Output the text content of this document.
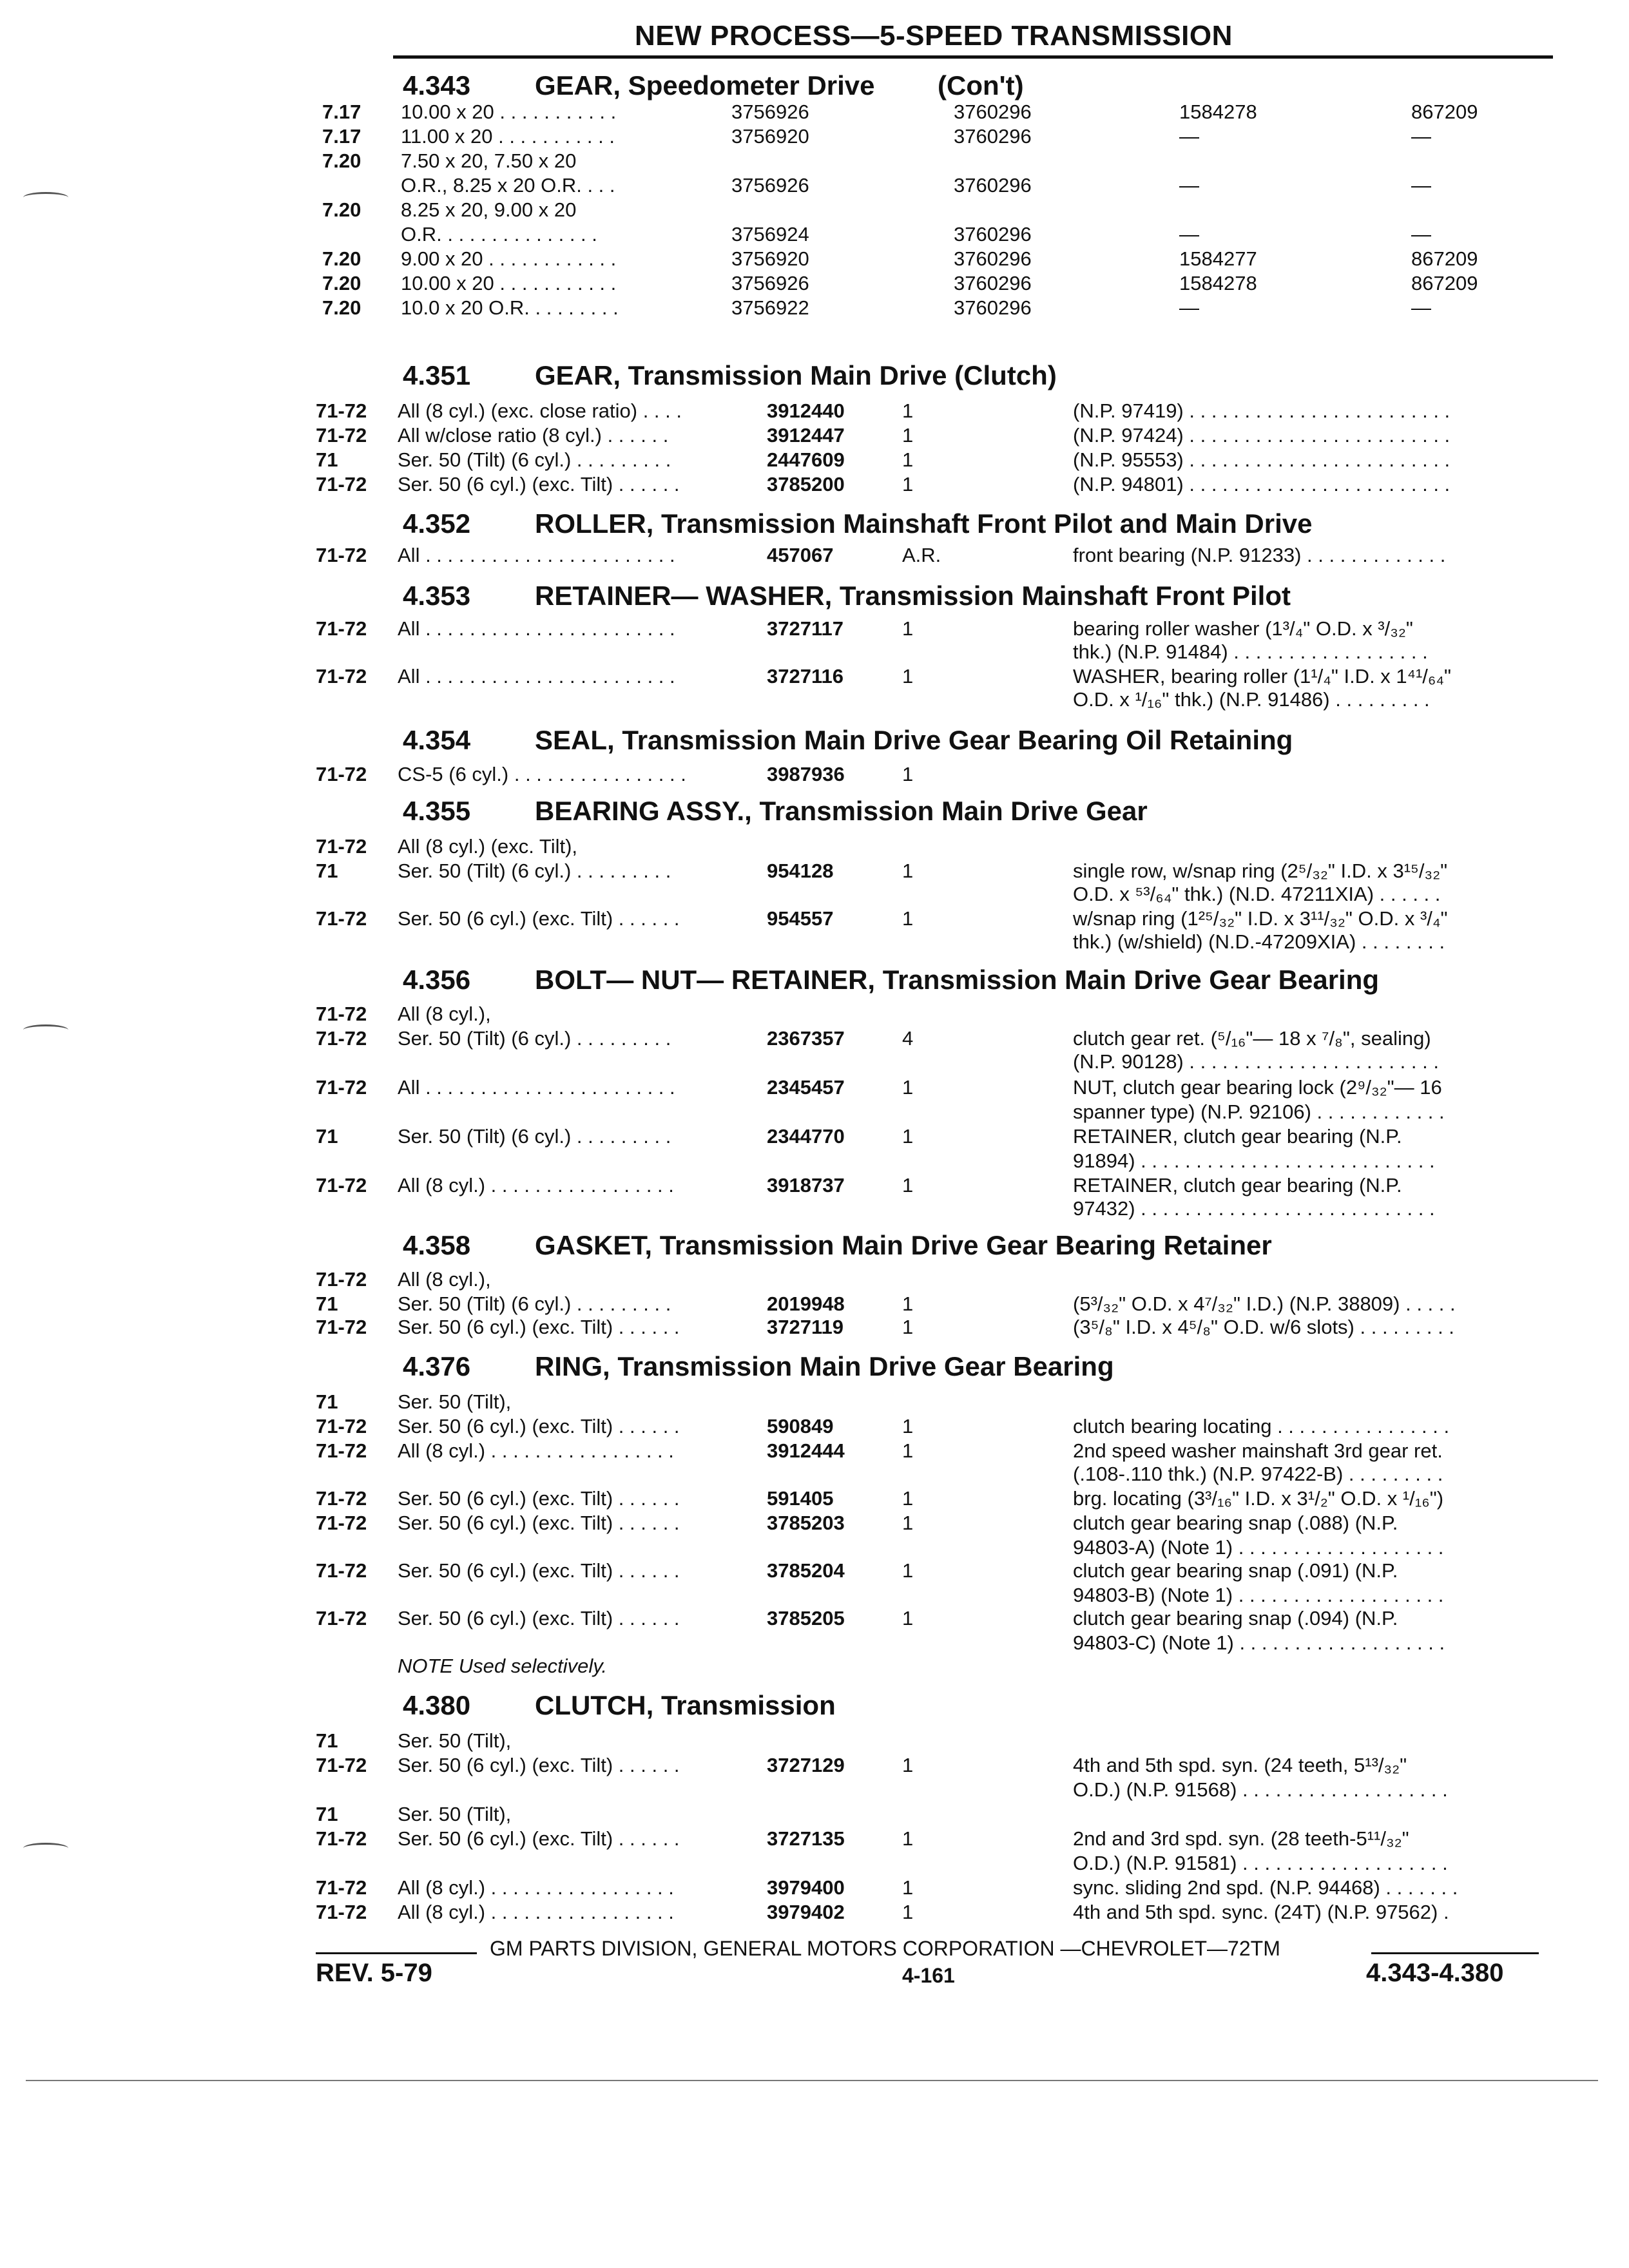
NEW PROCESS—5-SPEED TRANSMISSION
4.343 GEAR, Speedometer Drive (Con't)
7.17 10.00 x 20 . . . . . . . . . . .	3756926	3760296	1584278	867209
7.17 11.00 x 20 . . . . . . . . . . .	3756920	3760296	—	—
7.20 7.50 x 20, 7.50 x 20
O.R., 8.25 x 20 O.R. . . .	3756926	3760296	—	—
7.20 8.25 x 20, 9.00 x 20
O.R. . . . . . . . . . . . . . .	3756924	3760296	—	—
7.20 9.00 x 20 . . . . . . . . . . . .	3756920	3760296	1584277	867209
7.20 10.00 x 20 . . . . . . . . . . .	3756926	3760296	1584278	867209
7.20 10.0 x 20 O.R. . . . . . . . .	3756922	3760296	—	—
4.351 GEAR, Transmission Main Drive (Clutch)
71-72 All (8 cyl.) (exc. close ratio) . . . .	3912440	1	(N.P. 97419) . . . . . . . . . . . . . . . . . . . . . . . .
71-72 All w/close ratio (8 cyl.) . . . . . .	3912447	1	(N.P. 97424) . . . . . . . . . . . . . . . . . . . . . . . .
71	Ser. 50 (Tilt) (6 cyl.) . . . . . . . . .	2447609	1	(N.P. 95553) . . . . . . . . . . . . . . . . . . . . . . . .
71-72 Ser. 50 (6 cyl.) (exc. Tilt) . . . . . .	3785200	1	(N.P. 94801) . . . . . . . . . . . . . . . . . . . . . . . .
4.352 ROLLER, Transmission Mainshaft Front Pilot and Main Drive
71-72 All . . . . . . . . . . . . . . . . . . . . . . .	457067	A.R.	front bearing (N.P. 91233) . . . . . . . . . . . . .
4.353 RETAINER— WASHER, Transmission Mainshaft Front Pilot
71-72 All . . . . . . . . . . . . . . . . . . . . . . .	3727117	1	bearing roller washer (1³/₄" O.D. x ³/₃₂"
thk.) (N.P. 91484) . . . . . . . . . . . . . . . . . .
71-72 All . . . . . . . . . . . . . . . . . . . . . . .	3727116	1	WASHER, bearing roller (1¹/₄" I.D. x 1⁴¹/₆₄"
O.D. x ¹/₁₆" thk.) (N.P. 91486) . . . . . . . . .
4.354 SEAL, Transmission Main Drive Gear Bearing Oil Retaining
71-72 CS-5 (6 cyl.) . . . . . . . . . . . . . . . .	3987936	1
4.355 BEARING ASSY., Transmission Main Drive Gear
71-72 All (8 cyl.) (exc. Tilt),
71	Ser. 50 (Tilt) (6 cyl.) . . . . . . . . .	954128	1	single row, w/snap ring (2⁵/₃₂" I.D. x 3¹⁵/₃₂"
O.D. x ⁵³/₆₄" thk.) (N.D. 47211XIA) . . . . . .
71-72 Ser. 50 (6 cyl.) (exc. Tilt) . . . . . .	954557	1	w/snap ring (1²⁵/₃₂" I.D. x 3¹¹/₃₂" O.D. x ³/₄"
thk.) (w/shield) (N.D.-47209XIA) . . . . . . . .
4.356 BOLT— NUT— RETAINER, Transmission Main Drive Gear Bearing
71-72 All (8 cyl.),
71-72 Ser. 50 (Tilt) (6 cyl.) . . . . . . . . .	2367357	4	clutch gear ret. (⁵/₁₆"— 18 x ⁷/₈", sealing)
(N.P. 90128) . . . . . . . . . . . . . . . . . . . . . . .
71-72 All . . . . . . . . . . . . . . . . . . . . . . .	2345457	1	NUT, clutch gear bearing lock (2⁹/₃₂"— 16
spanner type) (N.P. 92106) . . . . . . . . . . . .
71	Ser. 50 (Tilt) (6 cyl.) . . . . . . . . .	2344770	1	RETAINER, clutch gear bearing (N.P.
91894) . . . . . . . . . . . . . . . . . . . . . . . . . . .
71-72 All (8 cyl.) . . . . . . . . . . . . . . . . .	3918737	1	RETAINER, clutch gear bearing (N.P.
97432) . . . . . . . . . . . . . . . . . . . . . . . . . . .
4.358 GASKET, Transmission Main Drive Gear Bearing Retainer
71-72 All (8 cyl.),
71	Ser. 50 (Tilt) (6 cyl.) . . . . . . . . .	2019948	1	(5³/₃₂" O.D. x 4⁷/₃₂" I.D.) (N.P. 38809) . . . . .
71-72 Ser. 50 (6 cyl.) (exc. Tilt) . . . . . .	3727119	1	(3⁵/₈" I.D. x 4⁵/₈" O.D. w/6 slots) . . . . . . . . .
4.376 RING, Transmission Main Drive Gear Bearing
71	Ser. 50 (Tilt),
71-72 Ser. 50 (6 cyl.) (exc. Tilt) . . . . . .	590849	1	clutch bearing locating . . . . . . . . . . . . . . . .
71-72 All (8 cyl.) . . . . . . . . . . . . . . . . .	3912444	1	2nd speed washer mainshaft 3rd gear ret.
(.108-.110 thk.) (N.P. 97422-B) . . . . . . . . .
71-72 Ser. 50 (6 cyl.) (exc. Tilt) . . . . . .	591405	1	brg. locating (3³/₁₆" I.D. x 3¹/₂" O.D. x ¹/₁₆")
71-72 Ser. 50 (6 cyl.) (exc. Tilt) . . . . . .	3785203	1	clutch gear bearing snap (.088) (N.P.
94803-A) (Note 1) . . . . . . . . . . . . . . . . . . .
71-72 Ser. 50 (6 cyl.) (exc. Tilt) . . . . . .	3785204	1	clutch gear bearing snap (.091) (N.P.
94803-B) (Note 1) . . . . . . . . . . . . . . . . . . .
71-72 Ser. 50 (6 cyl.) (exc. Tilt) . . . . . .	3785205	1	clutch gear bearing snap (.094) (N.P.
94803-C) (Note 1) . . . . . . . . . . . . . . . . . . .
NOTE Used selectively.
4.380 CLUTCH, Transmission
71	Ser. 50 (Tilt),
71-72 Ser. 50 (6 cyl.) (exc. Tilt) . . . . . .	3727129	1	4th and 5th spd. syn. (24 teeth, 5¹³/₃₂"
O.D.) (N.P. 91568) . . . . . . . . . . . . . . . . . . .
71	Ser. 50 (Tilt),
71-72 Ser. 50 (6 cyl.) (exc. Tilt) . . . . . .	3727135	1	2nd and 3rd spd. syn. (28 teeth-5¹¹/₃₂"
O.D.) (N.P. 91581) . . . . . . . . . . . . . . . . . . .
71-72 All (8 cyl.) . . . . . . . . . . . . . . . . .	3979400	1	sync. sliding 2nd spd. (N.P. 94468) . . . . . . .
71-72 All (8 cyl.) . . . . . . . . . . . . . . . . .	3979402	1	4th and 5th spd. sync. (24T) (N.P. 97562) .
GM PARTS DIVISION, GENERAL MOTORS CORPORATION —CHEVROLET—72TM
REV. 5-79	4-161	4.343-4.380
